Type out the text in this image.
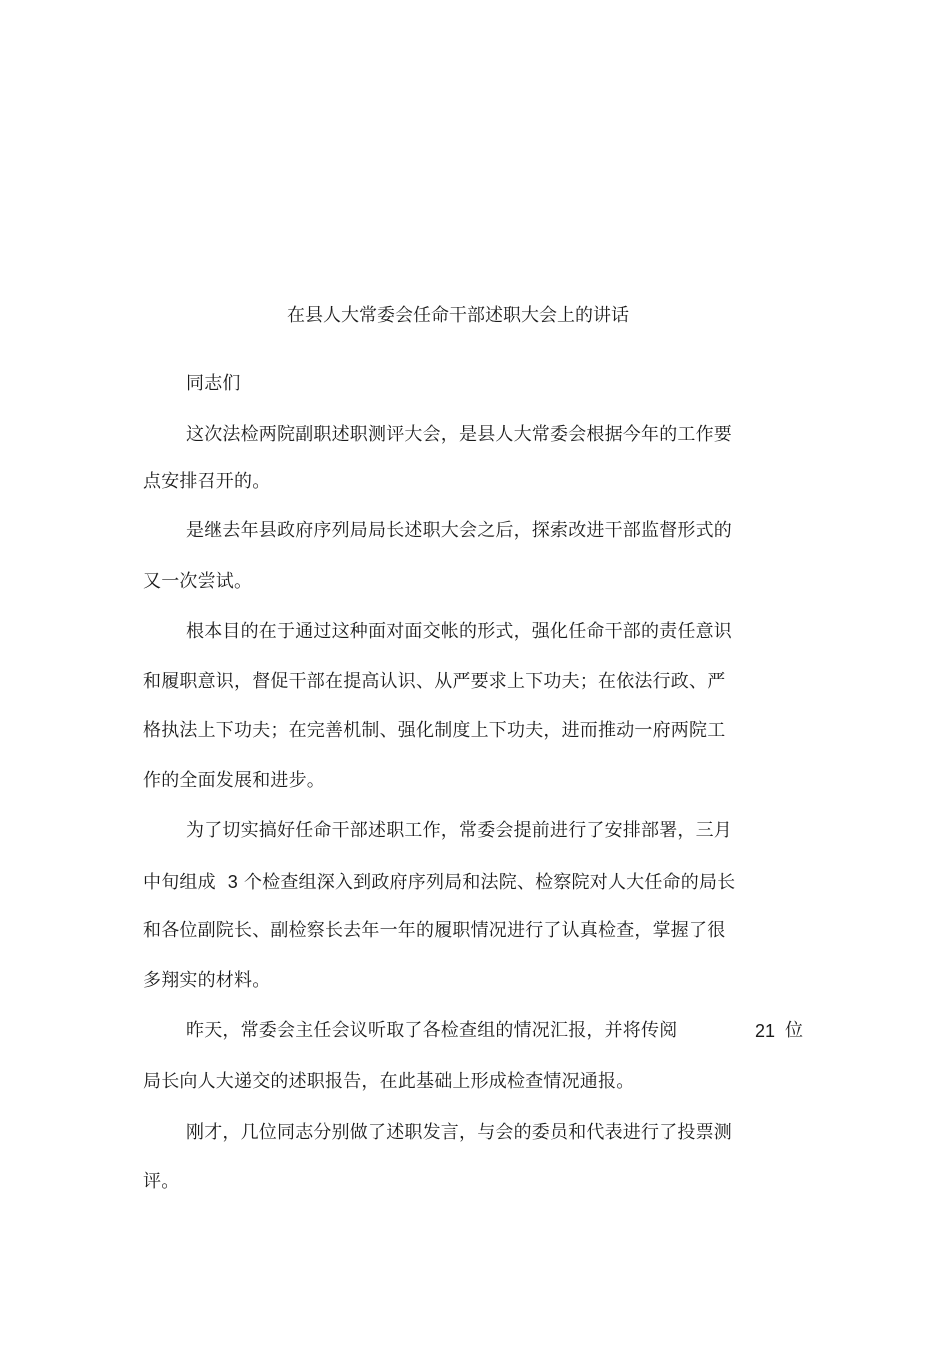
在县人大常委会任命干部述职大会上的讲话
同志们
这次法检两院副职述职测评大会，是县人大常委会根据今年的工作要
点安排召开的。
是继去年县政府序列局局长述职大会之后，探索改进干部监督形式的
又一次尝试。
根本目的在于通过这种面对面交帐的形式，强化任命干部的责任意识
和履职意识，督促干部在提高认识、从严要求上下功夫；在依法行政、严
格执法上下功夫；在完善机制、强化制度上下功夫，进而推动一府两院工
作的全面发展和进步。
为了切实搞好任命干部述职工作，常委会提前进行了安排部署，三月
中旬组成 3 个检查组深入到政府序列局和法院、检察院对人大任命的局长
和各位副院长、副检察长去年一年的履职情况进行了认真检查，掌握了很
多翔实的材料。
昨天，常委会主任会议听取了各检查组的情况汇报，并将传阅	21 位
局长向人大递交的述职报告，在此基础上形成检查情况通报。
刚才，几位同志分别做了述职发言，与会的委员和代表进行了投票测
评。
